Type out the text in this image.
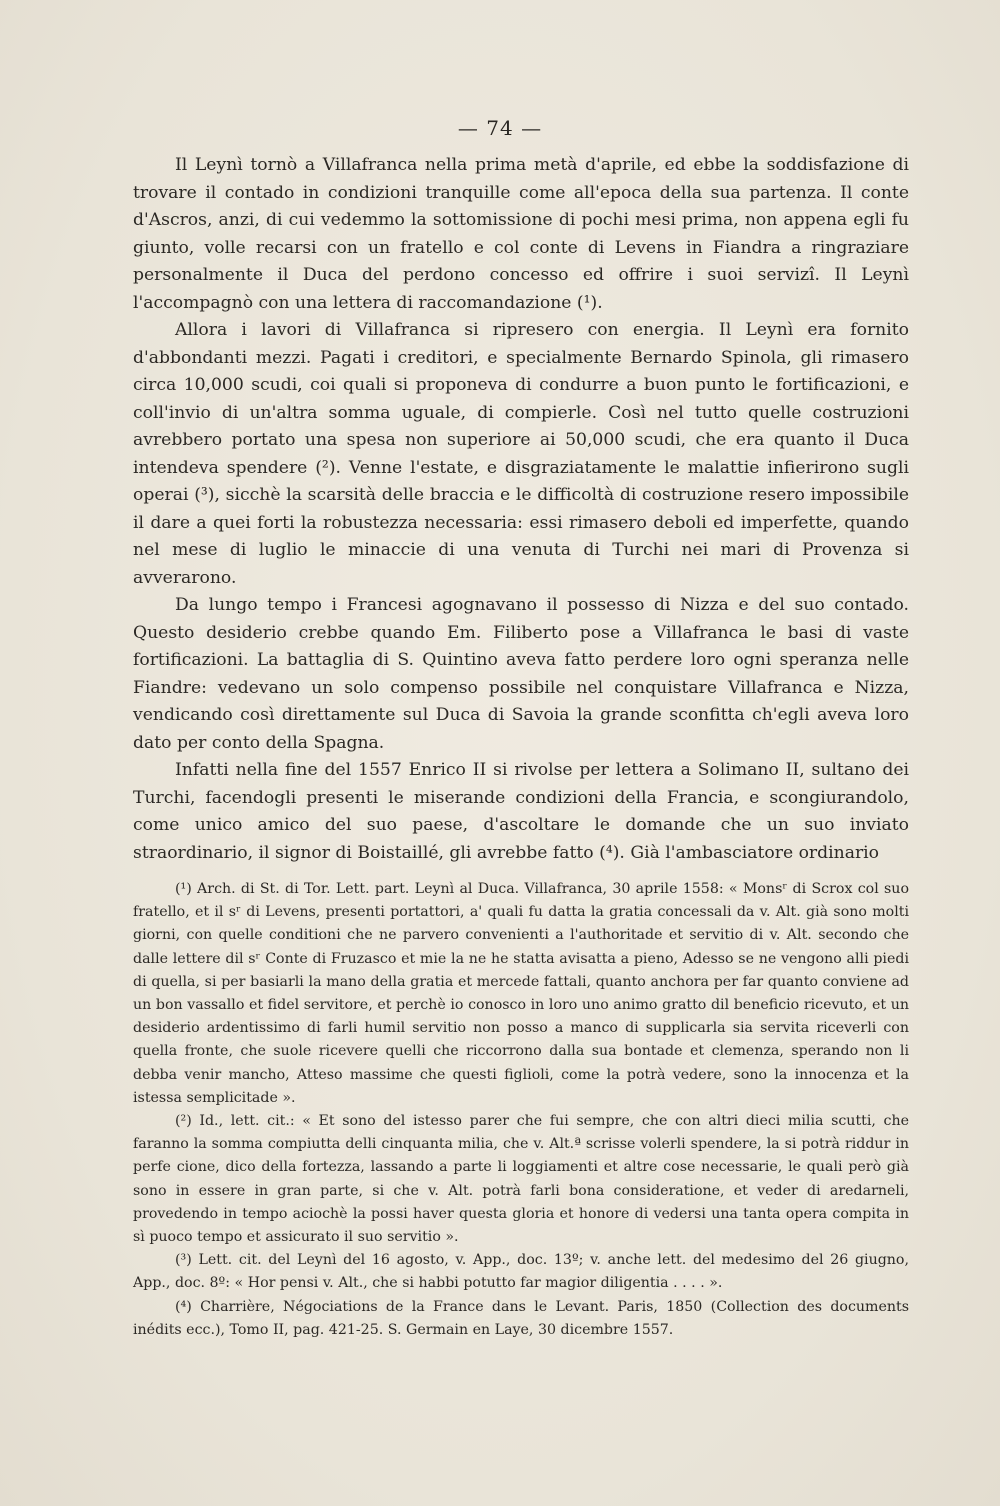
— 74 —

Il Leynì tornò a Villafranca nella prima metà d'aprile, ed ebbe la soddisfazione di trovare il contado in condizioni tranquille come all'epoca della sua partenza. Il conte d'Ascros, anzi, di cui vedemmo la sottomissione di pochi mesi prima, non appena egli fu giunto, volle recarsi con un fratello e col conte di Levens in Fiandra a ringraziare personalmente il Duca del perdono concesso ed offrire i suoi servizî. Il Leynì l'accompagnò con una lettera di raccomandazione (¹).

Allora i lavori di Villafranca si ripresero con energia. Il Leynì era fornito d'abbondanti mezzi. Pagati i creditori, e specialmente Bernardo Spinola, gli rimasero circa 10,000 scudi, coi quali si proponeva di condurre a buon punto le fortificazioni, e coll'invio di un'altra somma uguale, di compierle. Così nel tutto quelle costruzioni avrebbero portato una spesa non superiore ai 50,000 scudi, che era quanto il Duca intendeva spendere (²). Venne l'estate, e disgraziatamente le malattie infierirono sugli operai (³), sicchè la scarsità delle braccia e le difficoltà di costruzione resero impossibile il dare a quei forti la robustezza necessaria: essi rimasero deboli ed imperfette, quando nel mese di luglio le minaccie di una venuta di Turchi nei mari di Provenza si avverarono.

Da lungo tempo i Francesi agognavano il possesso di Nizza e del suo contado. Questo desiderio crebbe quando Em. Filiberto pose a Villafranca le basi di vaste fortificazioni. La battaglia di S. Quintino aveva fatto perdere loro ogni speranza nelle Fiandre: vedevano un solo compenso possibile nel conquistare Villafranca e Nizza, vendicando così direttamente sul Duca di Savoia la grande sconfitta ch'egli aveva loro dato per conto della Spagna.

Infatti nella fine del 1557 Enrico II si rivolse per lettera a Solimano II, sultano dei Turchi, facendogli presenti le miserande condizioni della Francia, e scongiurandolo, come unico amico del suo paese, d'ascoltare le domande che un suo inviato straordinario, il signor di Boistaillé, gli avrebbe fatto (⁴). Già l'ambasciatore ordinario

(¹) Arch. di St. di Tor. Lett. part. Leynì al Duca. Villafranca, 30 aprile 1558: « Monsʳ di Scrox col suo fratello, et il sʳ di Levens, presenti portattori, a' quali fu datta la gratia concessali da v. Alt. già sono molti giorni, con quelle conditioni che ne parvero convenienti a l'authoritade et servitio di v. Alt. secondo che dalle lettere dil sʳ Conte di Fruzasco et mie la ne he statta avisatta a pieno, Adesso se ne vengono alli piedi di quella, si per basiarli la mano della gratia et mercede fattali, quanto anchora per far quanto conviene ad un bon vassallo et fidel servitore, et perchè io conosco in loro uno animo gratto dil beneficio ricevuto, et un desiderio ardentissimo di farli humil servitio non posso a manco di supplicarla sia servita riceverli con quella fronte, che suole ricevere quelli che riccorrono dalla sua bontade et clemenza, sperando non li debba venir mancho, Atteso massime che questi figlioli, come la potrà vedere, sono la innocenza et la istessa semplicitade ».

(²) Id., lett. cit.: « Et sono del istesso parer che fui sempre, che con altri dieci milia scutti, che faranno la somma compiutta delli cinquanta milia, che v. Alt.ª scrisse volerli spendere, la si potrà riddur in perfe cione, dico della fortezza, lassando a parte li loggiamenti et altre cose necessarie, le quali però già sono in essere in gran parte, si che v. Alt. potrà farli bona consideratione, et veder di aredarneli, provedendo in tempo aciochè la possi haver questa gloria et honore di vedersi una tanta opera compita in sì puoco tempo et assicurato il suo servitio ».

(³) Lett. cit. del Leynì del 16 agosto, v. App., doc. 13º; v. anche lett. del medesimo del 26 giugno, App., doc. 8º: « Hor pensi v. Alt., che si habbi potutto far magior diligentia . . . . ».

(⁴) Charrière, Négociations de la France dans le Levant. Paris, 1850 (Collection des documents inédits ecc.), Tomo II, pag. 421-25. S. Germain en Laye, 30 dicembre 1557.
